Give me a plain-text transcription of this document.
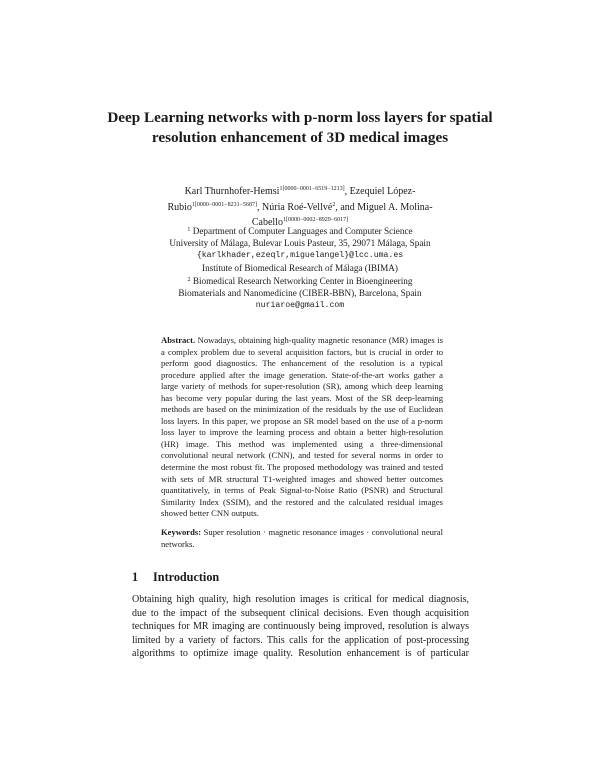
Deep Learning networks with p-norm loss layers for spatial resolution enhancement of 3D medical images
Karl Thurnhofer-Hemsi$^{1[0000-0001-6519-1213]}$, Ezequiel López-Rubio$^{1[0000-0001-8231-5687]}$, Núria Roé-Vellvé$^2$, and Miguel A. Molina-Cabello$^{1[0000-0002-8929-6017]}$
$^1$ Department of Computer Languages and Computer Science
University of Málaga, Bulevar Louis Pasteur, 35, 29071 Málaga, Spain
{karlkhader,ezeqlr,miguelangel}@lcc.uma.es
Institute of Biomedical Research of Málaga (IBIMA)
$^2$ Biomedical Research Networking Center in Bioengineering
Biomaterials and Nanomedicine (CIBER-BBN), Barcelona, Spain
nuriaroe@gmail.com
Abstract. Nowadays, obtaining high-quality magnetic resonance (MR) images is a complex problem due to several acquisition factors, but is crucial in order to perform good diagnostics. The enhancement of the resolution is a typical procedure applied after the image generation. State-of-the-art works gather a large variety of methods for super-resolution (SR), among which deep learning has become very popular during the last years. Most of the SR deep-learning methods are based on the minimization of the residuals by the use of Euclidean loss layers. In this paper, we propose an SR model based on the use of a p-norm loss layer to improve the learning process and obtain a better high-resolution (HR) image. This method was implemented using a three-dimensional convolutional neural network (CNN), and tested for several norms in order to determine the most robust fit. The proposed methodology was trained and tested with sets of MR structural T1-weighted images and showed better outcomes quantitatively, in terms of Peak Signal-to-Noise Ratio (PSNR) and Structural Similarity Index (SSIM), and the restored and the calculated residual images showed better CNN outputs.
Keywords: Super resolution · magnetic resonance images · convolutional neural networks.
1 Introduction
Obtaining high quality, high resolution images is critical for medical diagnosis,
due to the impact of the subsequent clinical decisions. Even though acquisition
techniques for MR imaging are continuously being improved, resolution is always
limited by a variety of factors. This calls for the application of post-processing
algorithms to optimize image quality. Resolution enhancement is of particular
